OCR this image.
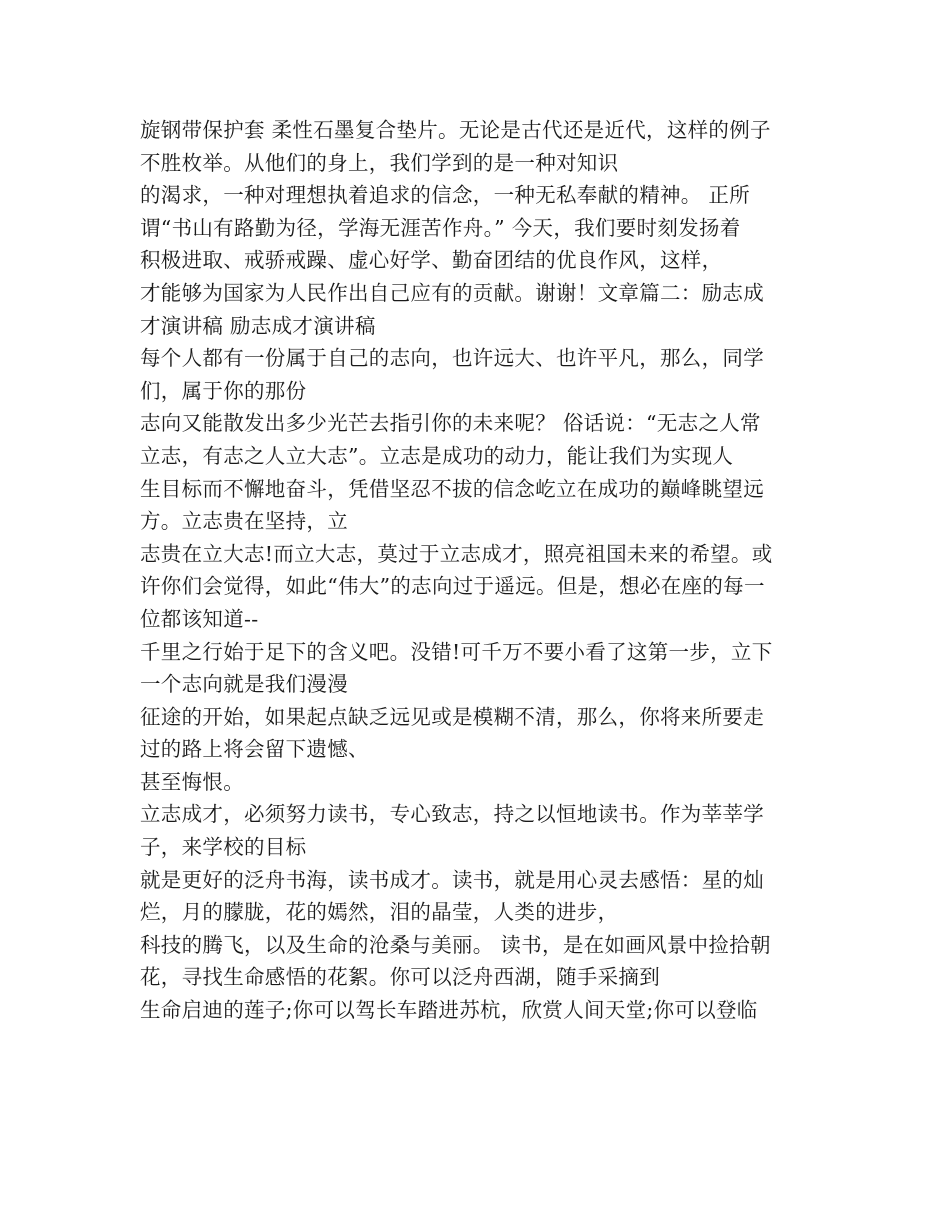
旋钢带保护套 柔性石墨复合垫片。无论是古代还是近代，这样的例子
不胜枚举。从他们的身上，我们学到的是一种对知识
的渴求，一种对理想执着追求的信念，一种无私奉献的精神。 正所
谓“书山有路勤为径，学海无涯苦作舟。” 今天，我们要时刻发扬着
积极进取、戒骄戒躁、虚心好学、勤奋团结的优良作风，这样，
才能够为国家为人民作出自己应有的贡献。谢谢！文章篇二：励志成
才演讲稿 励志成才演讲稿
每个人都有一份属于自己的志向，也许远大、也许平凡，那么，同学
们，属于你的那份
志向又能散发出多少光芒去指引你的未来呢？ 俗话说：“无志之人常
立志，有志之人立大志”。立志是成功的动力，能让我们为实现人
生目标而不懈地奋斗，凭借坚忍不拔的信念屹立在成功的巅峰眺望远
方。立志贵在坚持，立
志贵在立大志!而立大志，莫过于立志成才，照亮祖国未来的希望。或
许你们会觉得，如此“伟大”的志向过于遥远。但是，想必在座的每一
位都该知道--
千里之行始于足下的含义吧。没错!可千万不要小看了这第一步，立下
一个志向就是我们漫漫
征途的开始，如果起点缺乏远见或是模糊不清，那么，你将来所要走
过的路上将会留下遗憾、
甚至悔恨。
立志成才，必须努力读书，专心致志，持之以恒地读书。作为莘莘学
子，来学校的目标
就是更好的泛舟书海，读书成才。读书，就是用心灵去感悟：星的灿
烂，月的朦胧，花的嫣然，泪的晶莹，人类的进步，
科技的腾飞，以及生命的沧桑与美丽。 读书，是在如画风景中捡拾朝
花，寻找生命感悟的花絮。你可以泛舟西湖，随手采摘到
生命启迪的莲子;你可以驾长车踏进苏杭，欣赏人间天堂;你可以登临
